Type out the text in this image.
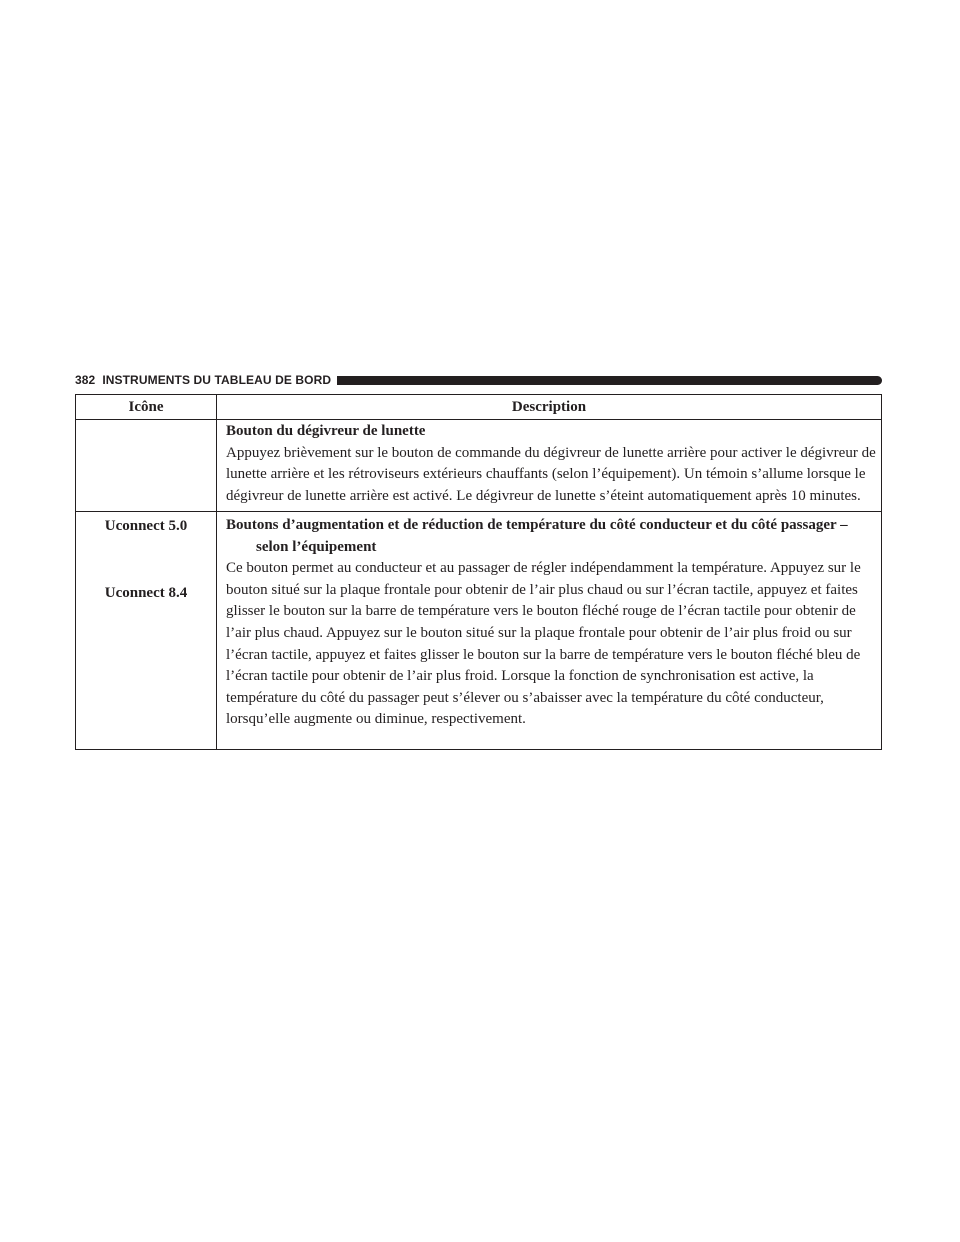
382 INSTRUMENTS DU TABLEAU DE BORD
Icône	Description

	Bouton du dégivreur de lunette
Appuyez brièvement sur le bouton de commande du dégivreur de lunette arrière pour activer le dégivreur de lunette arrière et les rétroviseurs extérieurs chauffants (selon l’équipement). Un témoin s’allume lorsque le dégivreur de lunette arrière est activé. Le dégivreur de lunette s’éteint automatiquement après 10 minutes.

Uconnect 5.0
Uconnect 8.4	Boutons d’augmentation et de réduction de température du côté conducteur et du côté passager – selon l’équipement
Ce bouton permet au conducteur et au passager de régler indépendamment la température. Appuyez sur le bouton situé sur la plaque frontale pour obtenir de l’air plus chaud ou sur l’écran tactile, appuyez et faites glisser le bouton sur la barre de température vers le bouton fléché rouge de l’écran tactile pour obtenir de l’air plus chaud. Appuyez sur le bouton situé sur la plaque frontale pour obtenir de l’air plus froid ou sur l’écran tactile, appuyez et faites glisser le bouton sur la barre de température vers le bouton fléché bleu de l’écran tactile pour obtenir de l’air plus froid. Lorsque la fonction de synchronisation est active, la température du côté du passager peut s’élever ou s’abaisser avec la température du côté conducteur, lorsqu’elle augmente ou diminue, respectivement.
